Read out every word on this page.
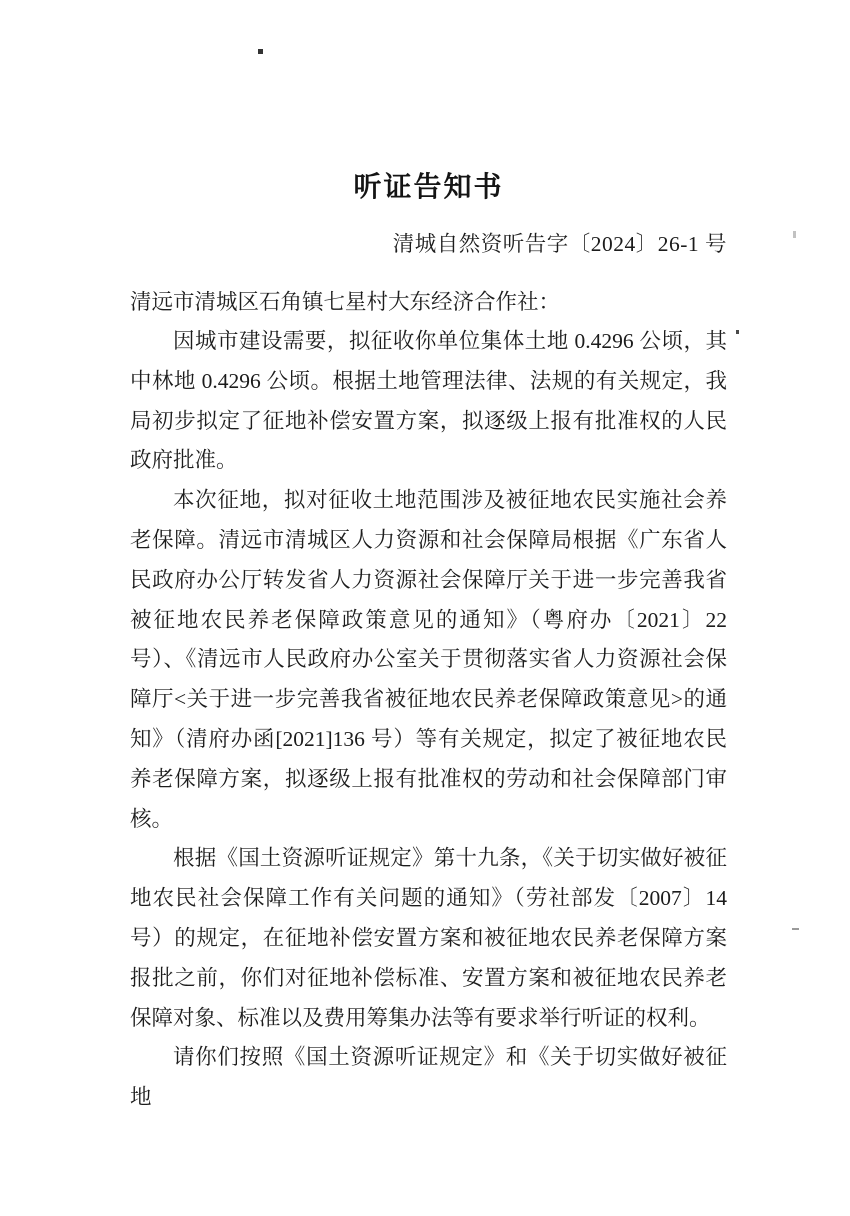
听证告知书
清城自然资听告字〔2024〕26-1 号
清远市清城区石角镇七星村大东经济合作社：

因城市建设需要，拟征收你单位集体土地 0.4296 公顷，其中林地 0.4296 公顷。根据土地管理法律、法规的有关规定，我局初步拟定了征地补偿安置方案，拟逐级上报有批准权的人民政府批准。

本次征地，拟对征收土地范围涉及被征地农民实施社会养老保障。清远市清城区人力资源和社会保障局根据《广东省人民政府办公厅转发省人力资源社会保障厅关于进一步完善我省被征地农民养老保障政策意见的通知》（粤府办〔2021〕22 号）、《清远市人民政府办公室关于贯彻落实省人力资源社会保障厅<关于进一步完善我省被征地农民养老保障政策意见>的通知》（清府办函[2021]136 号）等有关规定，拟定了被征地农民养老保障方案，拟逐级上报有批准权的劳动和社会保障部门审核。

根据《国土资源听证规定》第十九条，《关于切实做好被征地农民社会保障工作有关问题的通知》（劳社部发〔2007〕14 号）的规定，在征地补偿安置方案和被征地农民养老保障方案报批之前，你们对征地补偿标准、安置方案和被征地农民养老保障对象、标准以及费用筹集办法等有要求举行听证的权利。

请你们按照《国土资源听证规定》和《关于切实做好被征地
